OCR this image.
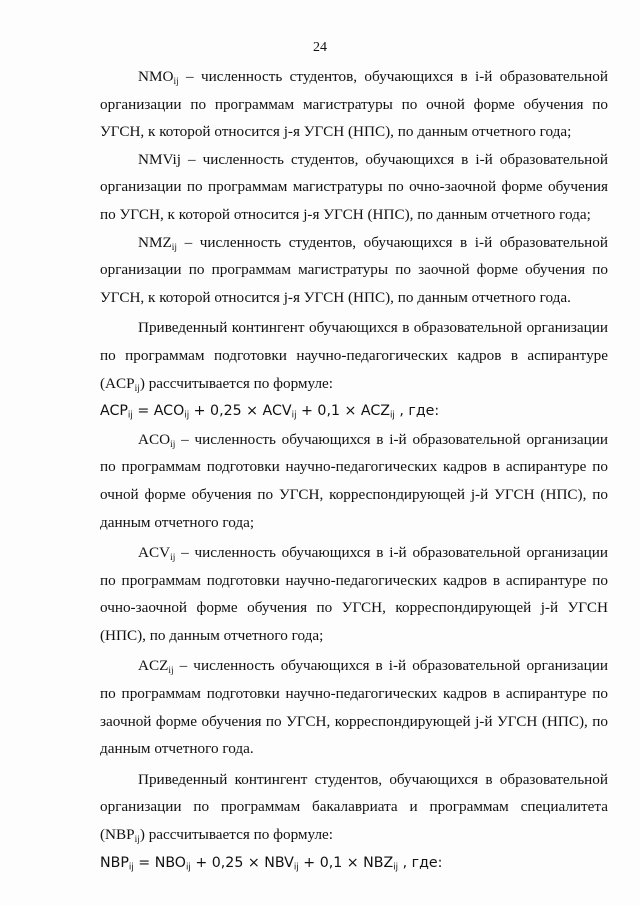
24

$NMO_{ij}$ – численность студентов, обучающихся в i-й образовательной организации по программам магистратуры по очной форме обучения по УГСН, к которой относится j-я УГСН (НПС), по данным отчетного года;

NMVij – численность студентов, обучающихся в i-й образовательной организации по программам магистратуры по очно-заочной форме обучения по УГСН, к которой относится j-я УГСН (НПС), по данным отчетного года;

$NMZ_{ij}$ – численность студентов, обучающихся в i-й образовательной организации по программам магистратуры по заочной форме обучения по УГСН, к которой относится j-я УГСН (НПС), по данным отчетного года.

Приведенный контингент обучающихся в образовательной организации по программам подготовки научно-педагогических кадров в аспирантуре $(ACP_{ij})$ рассчитывается по формуле:

$ACP_{ij} = ACO_{ij} + 0,25 \times ACV_{ij} + 0,1 \times ACZ_{ij}$ , где:

$ACO_{ij}$ – численность обучающихся в i-й образовательной организации по программам подготовки научно-педагогических кадров в аспирантуре по очной форме обучения по УГСН, корреспондирующей j-й УГСН (НПС), по данным отчетного года;

$ACV_{ij}$ – численность обучающихся в i-й образовательной организации по программам подготовки научно-педагогических кадров в аспирантуре по очно-заочной форме обучения по УГСН, корреспондирующей j-й УГСН (НПС), по данным отчетного года;

$ACZ_{ij}$ – численность обучающихся в i-й образовательной организации по программам подготовки научно-педагогических кадров в аспирантуре по заочной форме обучения по УГСН, корреспондирующей j-й УГСН (НПС), по данным отчетного года.

Приведенный контингент студентов, обучающихся в образовательной организации по программам бакалавриата и программам специалитета $(NBP_{ij})$ рассчитывается по формуле:

$NBP_{ij} = NBO_{ij} + 0,25 \times NBV_{ij} + 0,1 \times NBZ_{ij}$ , где:
